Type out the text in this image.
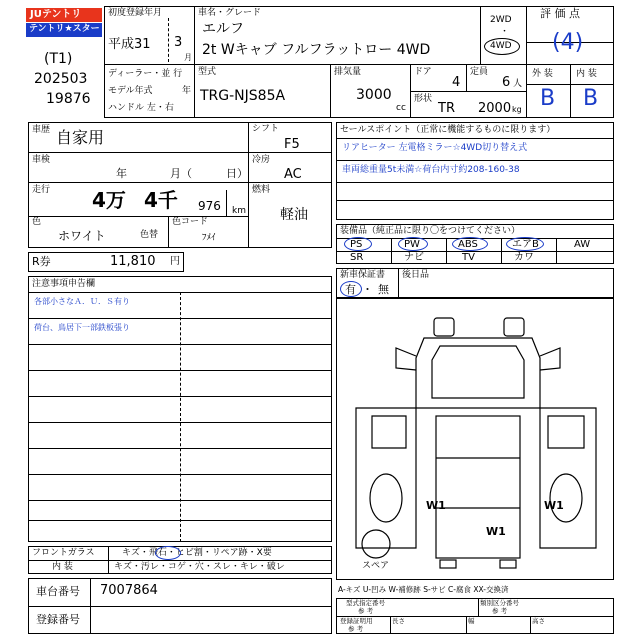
JUテントリ
テントリ★スター
(T1)
202503
19876
初度登録年月
平成31 3
月
車名・グレード
エルフ
2t Wキャブ フルフラットロー 4WD
2WD
・
4WD
評 価 点
(4)
外 装	内 装
B B
ディーラー・並 行
モデル年式	年
ハンドル 左・右
型式
TRG-NJS85A
排気量
3000
cc
ドア
4
定員
6 人
形状
TR 2000 kg
車歴 自家用
車検
年	月（	日）
走行 4万 4千 976 km
色
ホワイト	色替
色コード
ﾌﾒｲ
シフト
F5
冷房
AC
燃料
軽油
R券	11,810 円
セールスポイント（正常に機能するものに限ります）
リアヒーター 左電格ミラー☆4WD切り替え式
車両総重量5t未満☆荷台内寸約208-160-38
装備品（純正品に限り〇をつけてください）
PS	PW	ABS	エアB	AW
SR	ナビ	TV	カワ
新車保証書
有 ・ 無
後日品
注意事項申告欄
各部小さなＡ．Ｕ．Ｓ有り
荷台、鳥居下一部鉄板張り
W1	W1
W1
スペア
A-キズ U-凹み W-補修跡 S-サビ C-腐食 XX-交換済
フロントガラス	キズ・飛石・ヒビ割・リペア跡・X要
内 装	キズ・汚レ・コゲ・穴・スレ・キレ・破レ
車台番号 7007864
登録番号
型式指定番号
参 考
類別区分番号
参 考
登録証明用
参 考
長さ	幅	高さ
